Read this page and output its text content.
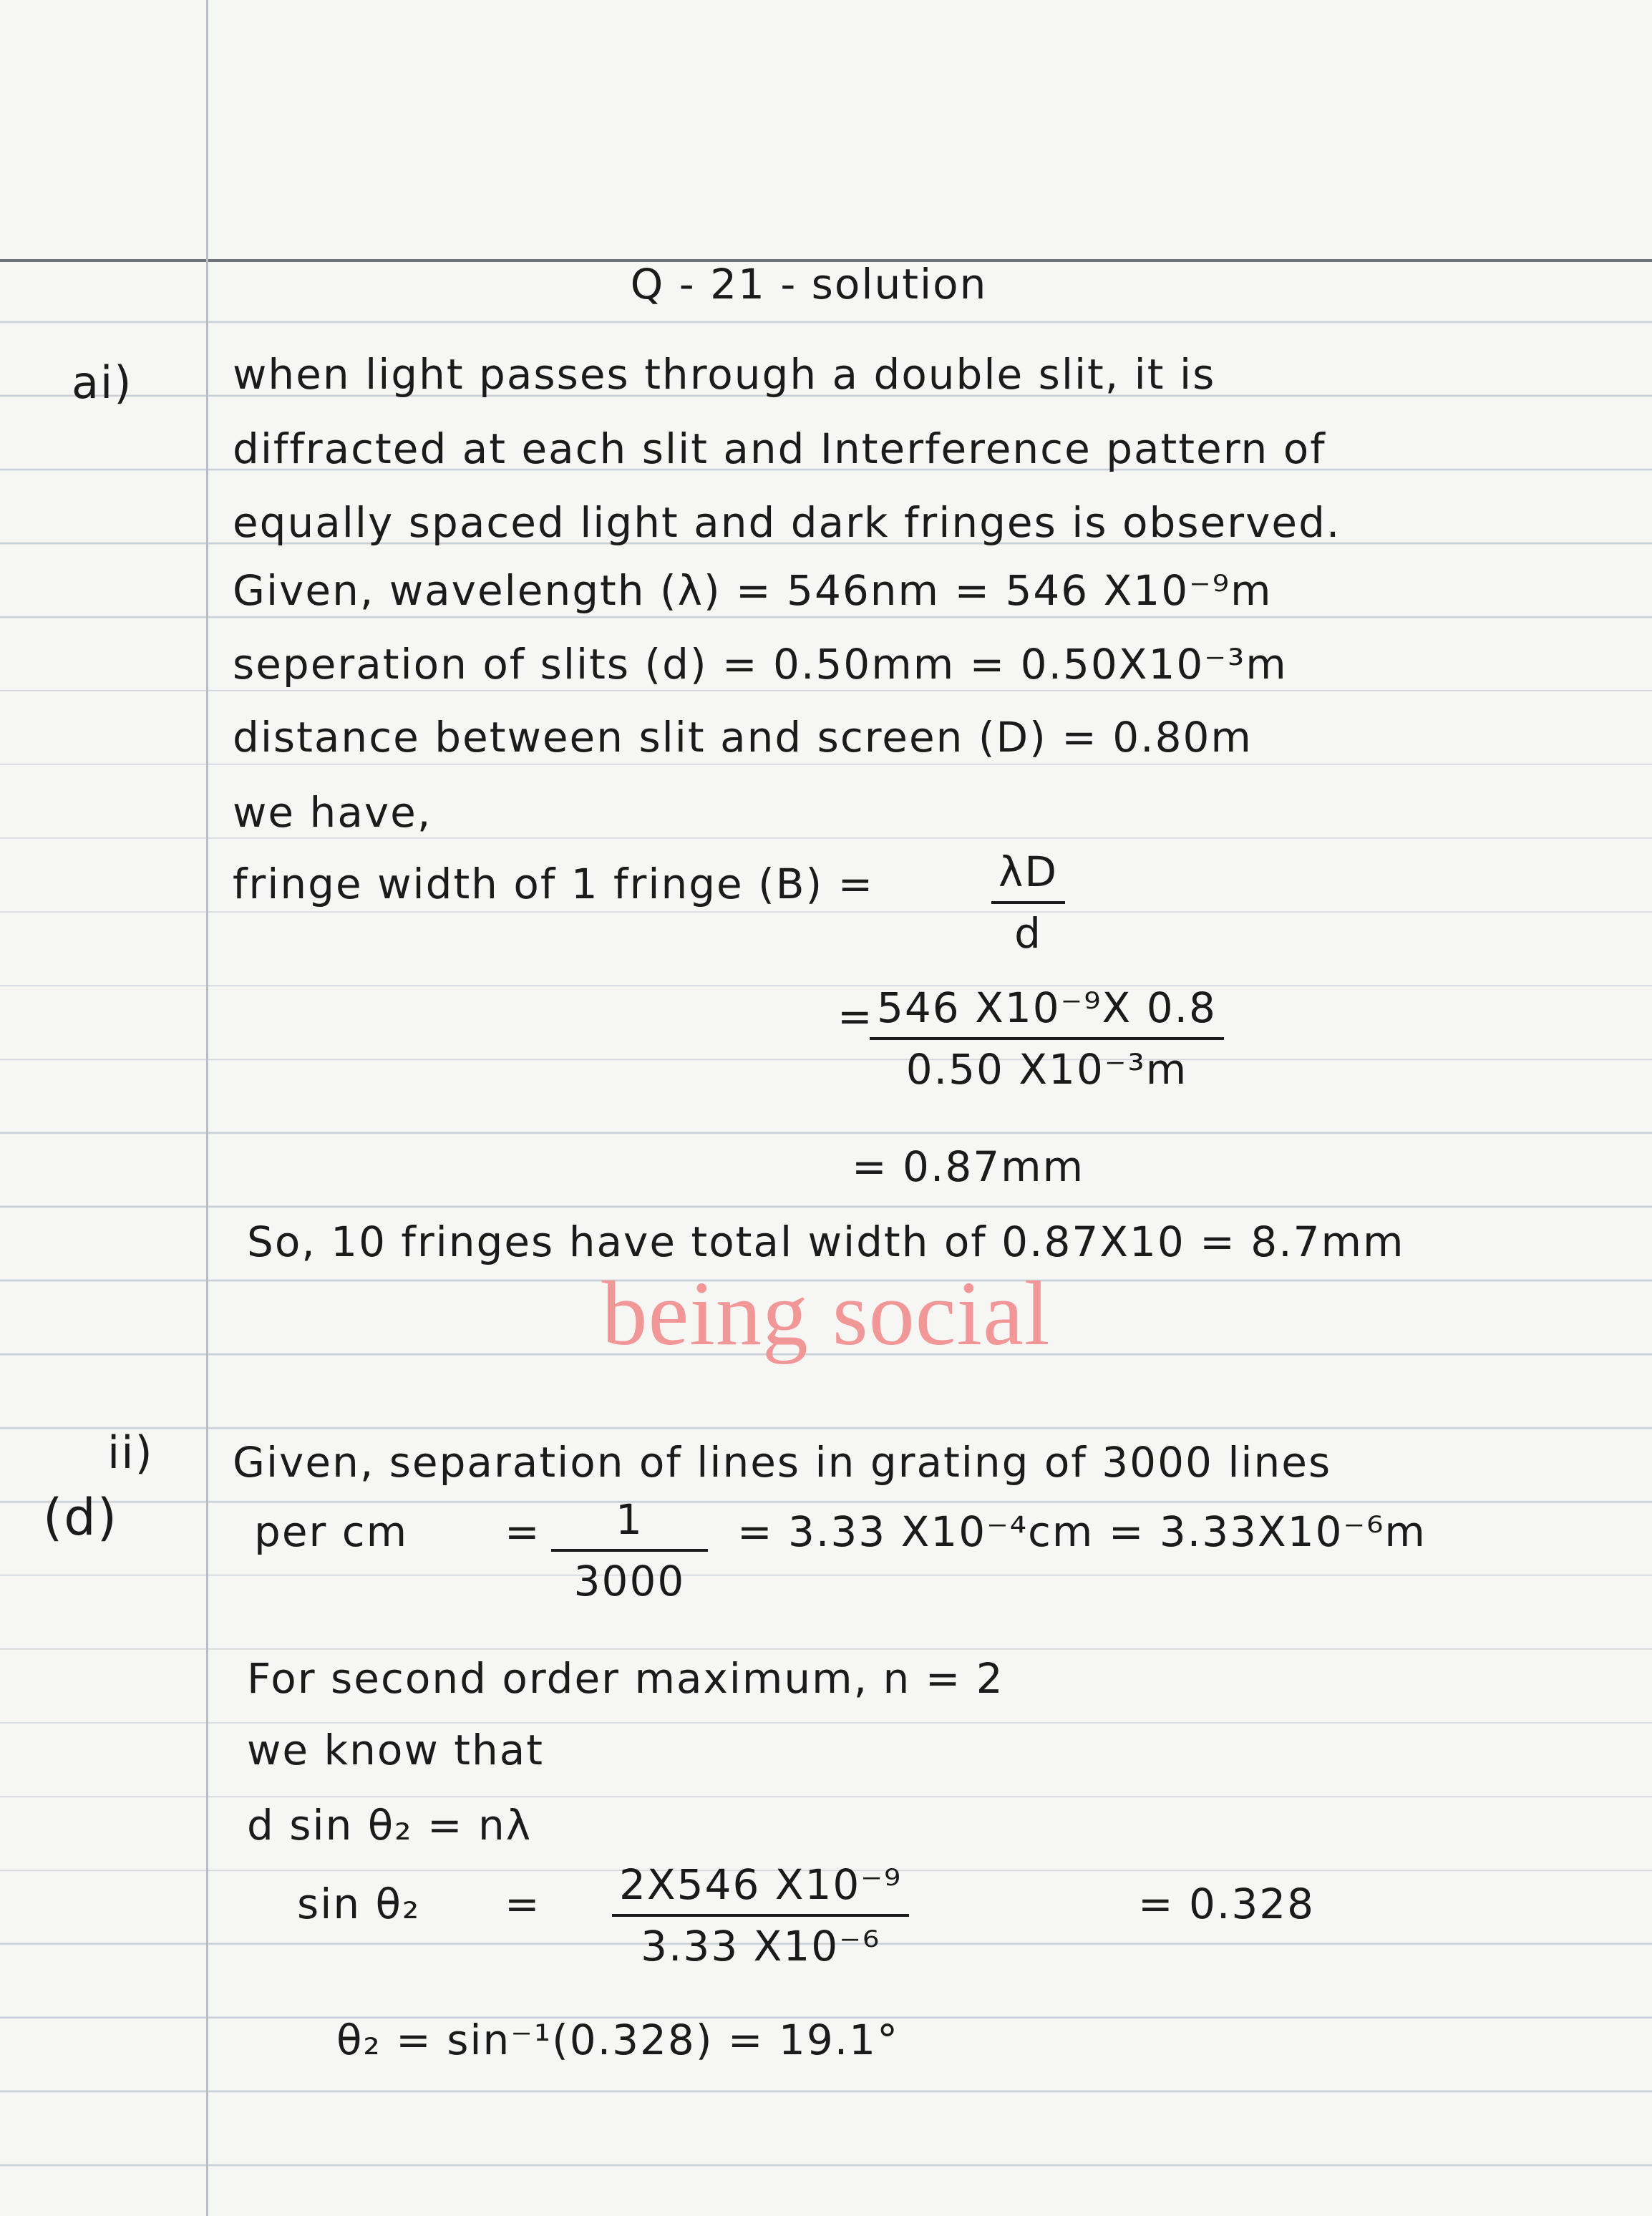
Q - 21 - solution

ai) when light passes through a double slit, it is

diffracted at each slit and Interference pattern of

equally spaced light and dark fringes is observed.

Given, wavelength (λ) = 546nm = 546 X10⁻⁹m

seperation of slits (d) = 0.50mm = 0.50X10⁻³m

distance between slit and screen (D) = 0.80m

we have,

fringe width of 1 fringe (B) =	$\frac{\lambda D}{d}$

=

$\frac{\text{546 X10⁻⁹X 0.8}}{\text{0.50 X10⁻³m}}$

= 0.87mm

So, 10 fringes have total width of 0.87X10 = 8.7mm

being social

ii)

(d)

Given, separation of lines in grating of 3000 lines

per cm = $\frac{1}{3000} = 3.33$ X10⁻⁴cm = 3.33X10⁻⁶m

For second order maximum, n = 2

we know that

d sin θ₂ = nλ

$\sin \theta_2 = \frac{\text{2X546 X10⁻⁹}}{\text{3.33 X10⁻⁶}}$	= 0.328

θ₂ = sin⁻¹(0.328) = 19.1°
